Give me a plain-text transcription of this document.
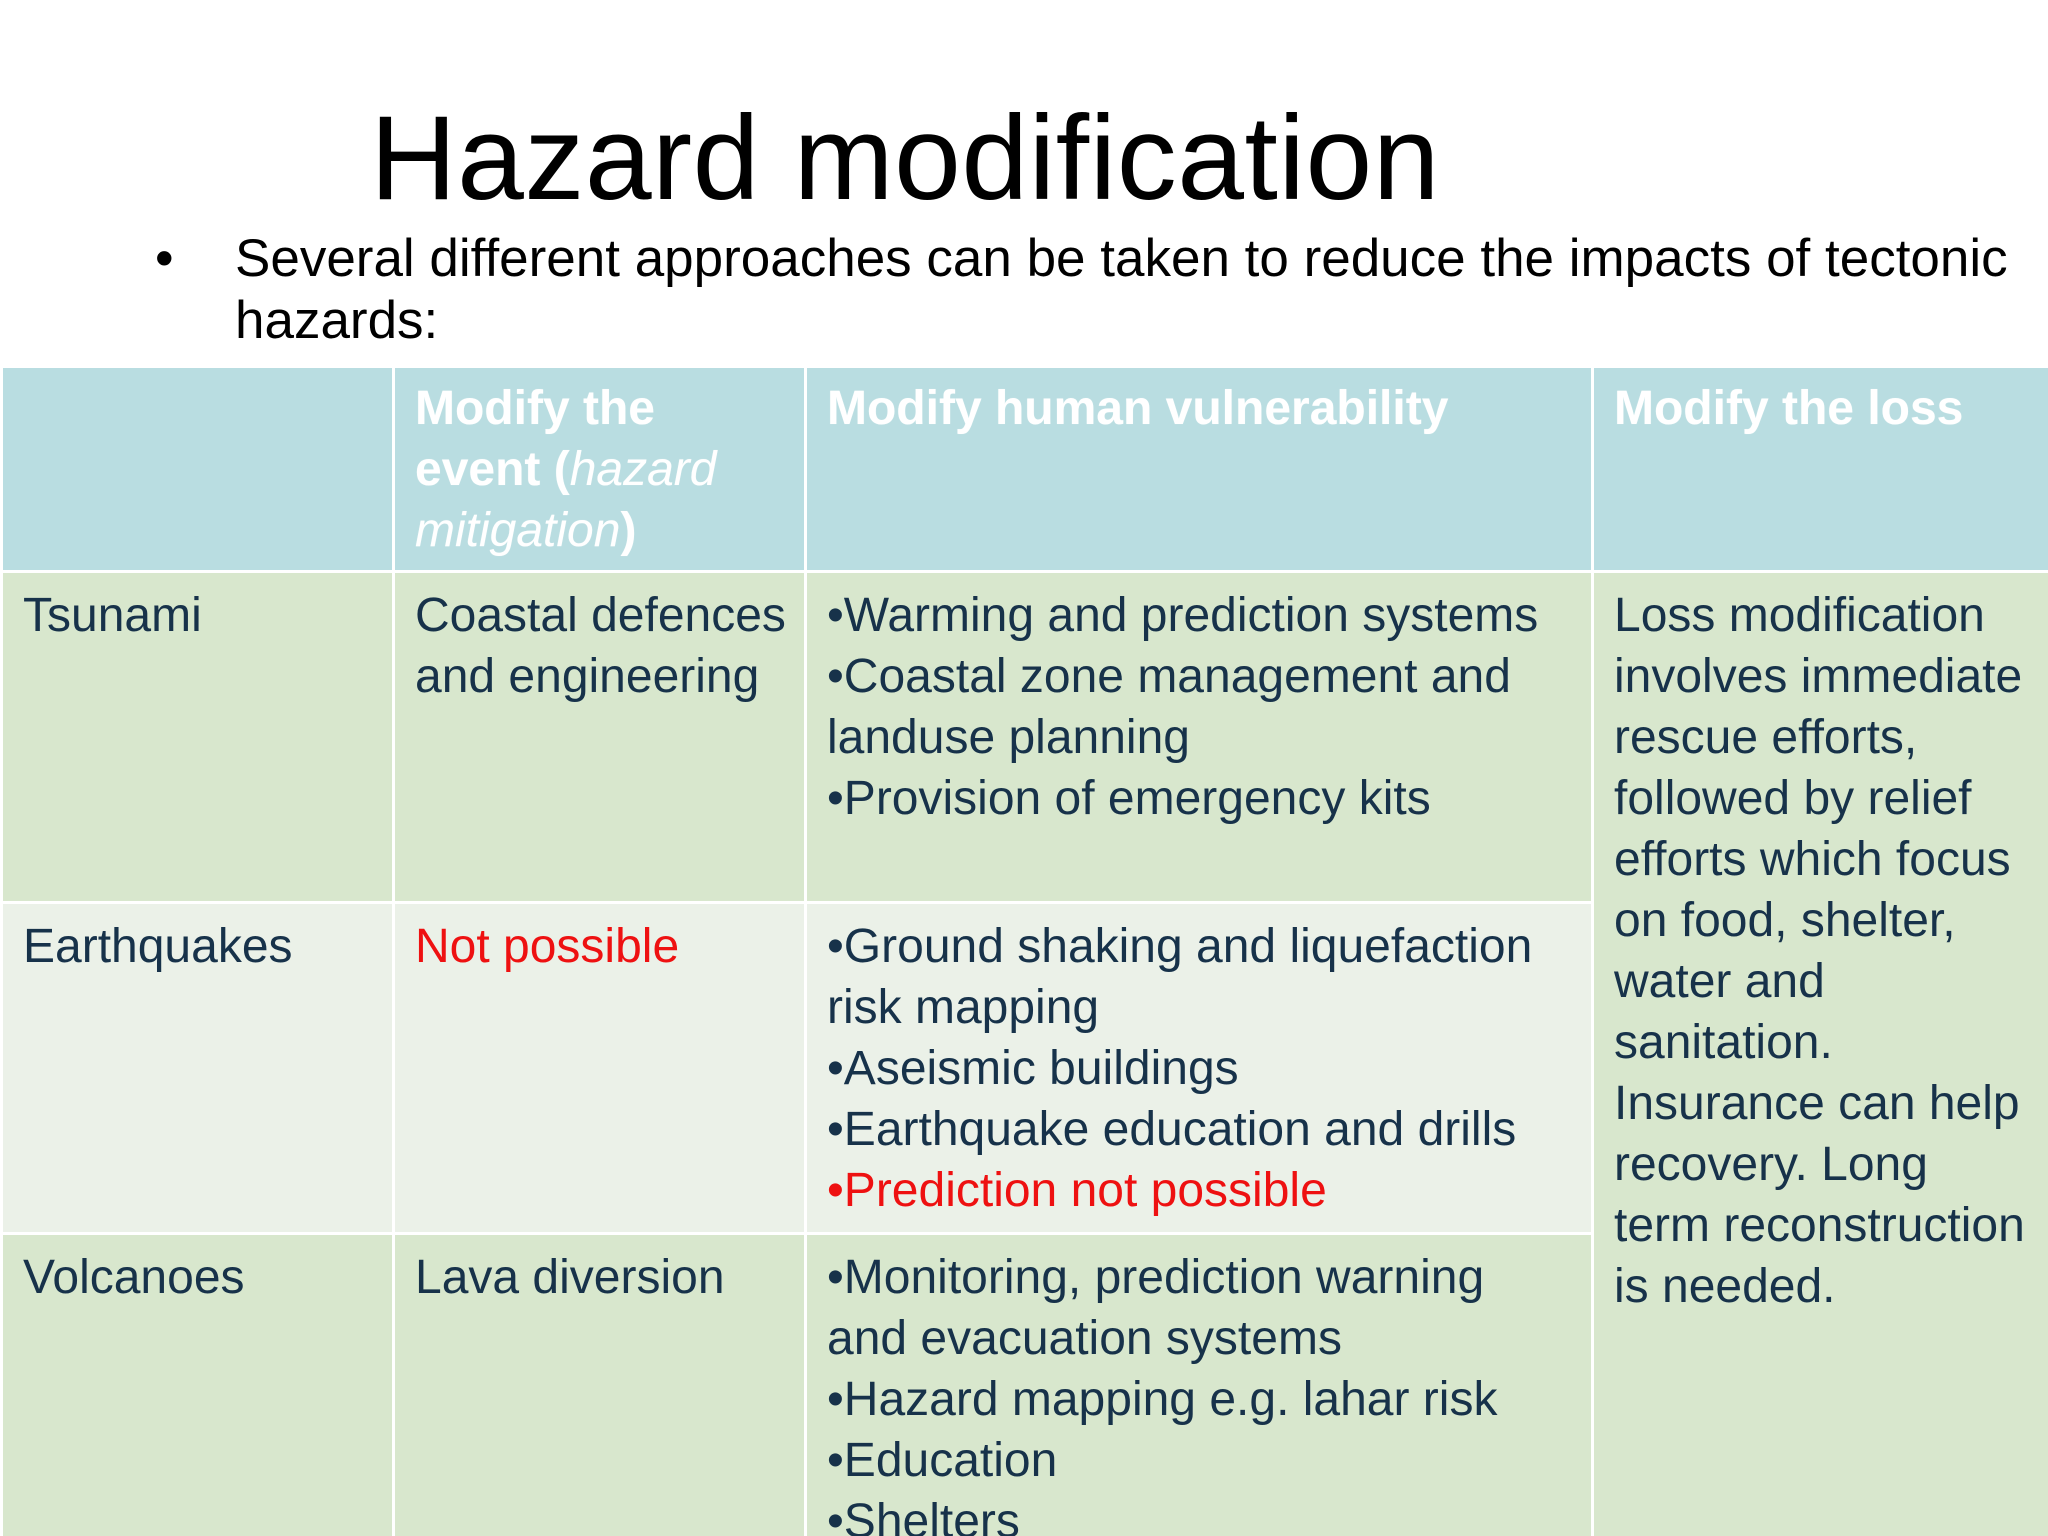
Hazard modification
• Several different approaches can be taken to reduce the impacts of tectonic hazards:
	Modify the event (hazard mitigation)	Modify human vulnerability	Modify the loss
Tsunami	Coastal defences and engineering	•Warming and prediction systems
•Coastal zone management and landuse planning
•Provision of emergency kits	Loss modification involves immediate rescue efforts, followed by relief efforts which focus on food, shelter, water and sanitation. Insurance can help recovery. Long term reconstruction is needed.
Earthquakes	Not possible	•Ground shaking and liquefaction risk mapping
•Aseismic buildings
•Earthquake education and drills
•Prediction not possible	

Volcanoes	Lava diversion	•Monitoring, prediction warning and evacuation systems
•Hazard mapping e.g. lahar risk
•Education
•Shelters	
